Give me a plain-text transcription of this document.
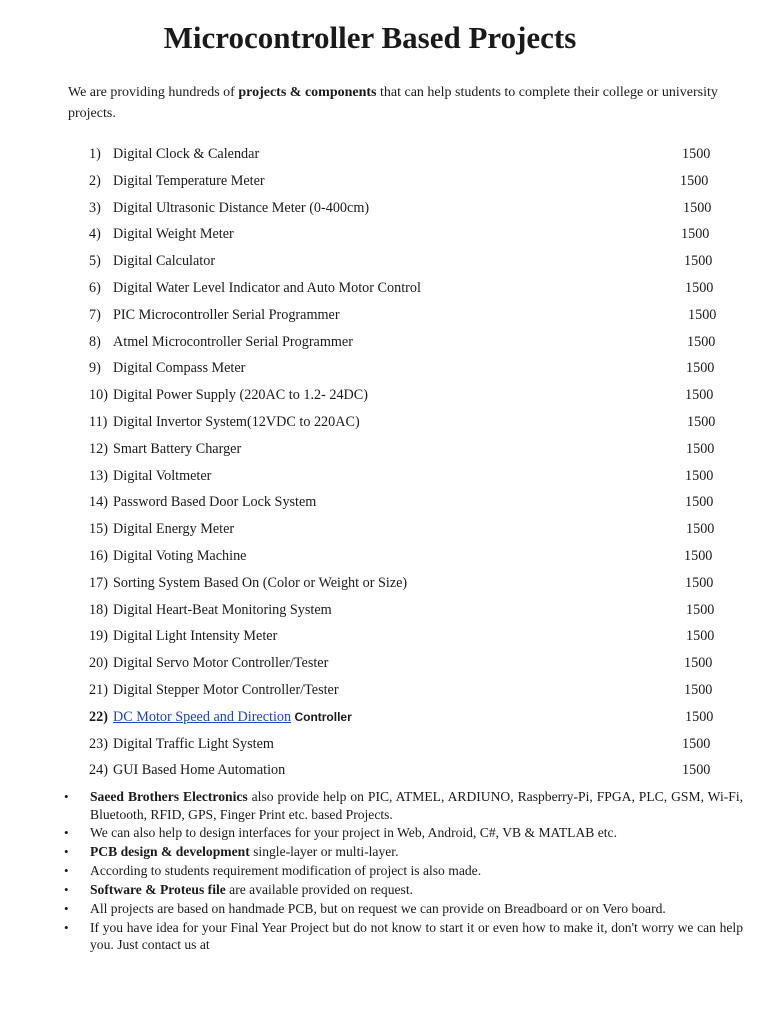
Microcontroller Based Projects

We are providing hundreds of projects & components that can help students to complete their college or university projects.

1) Digital Clock & Calendar	1500
2) Digital Temperature Meter	1500
3) Digital Ultrasonic Distance Meter (0-400cm)	1500
4) Digital Weight Meter	1500
5) Digital Calculator	1500
6) Digital Water Level Indicator and Auto Motor Control	1500
7) PIC Microcontroller Serial Programmer	1500
8) Atmel Microcontroller Serial Programmer	1500
9) Digital Compass Meter	1500
10) Digital Power Supply (220AC to 1.2- 24DC)	1500
11) Digital Invertor System(12VDC to 220AC)	1500
12) Smart Battery Charger	1500
13) Digital Voltmeter	1500
14) Password Based Door Lock System	1500
15) Digital Energy Meter	1500
16) Digital Voting Machine	1500
17) Sorting System Based On (Color or Weight or Size)	1500
18) Digital Heart-Beat Monitoring System	1500
19) Digital Light Intensity Meter	1500
20) Digital Servo Motor Controller/Tester	1500
21) Digital Stepper Motor Controller/Tester	1500
22) DC Motor Speed and Direction Controller	1500
23) Digital Traffic Light System	1500
24) GUI Based Home Automation	1500
• Saeed Brothers Electronics also provide help on PIC, ATMEL, ARDIUNO, Raspberry-Pi, FPGA, PLC, GSM, Wi-Fi, Bluetooth, RFID, GPS, Finger Print etc. based Projects.
• We can also help to design interfaces for your project in Web, Android, C#, VB & MATLAB etc.
• PCB design & development single-layer or multi-layer.
• According to students requirement modification of project is also made.
• Software & Proteus file are available provided on request.
• All projects are based on handmade PCB, but on request we can provide on Breadboard or on Vero board.
• If you have idea for your Final Year Project but do not know to start it or even how to make it, don't worry we can help you. Just contact us at
